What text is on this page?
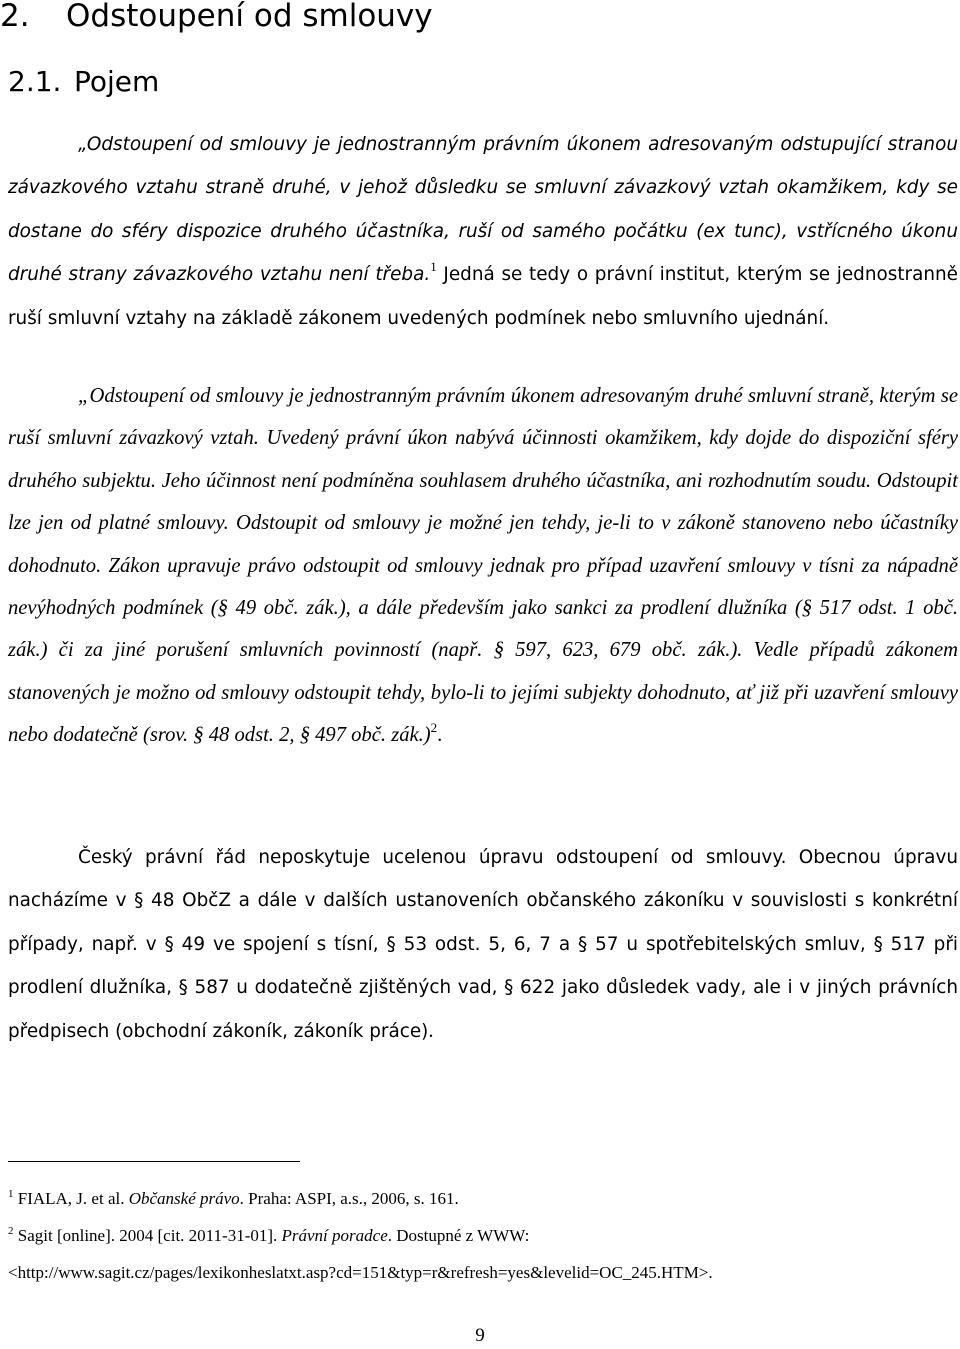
2. Odstoupení od smlouvy
2.1. Pojem

„Odstoupení od smlouvy je jednostranným právním úkonem adresovaným odstupující stranou závazkového vztahu straně druhé, v jehož důsledku se smluvní závazkový vztah okamžikem, kdy se dostane do sféry dispozice druhého účastníka, ruší od samého počátku (ex tunc), vstřícného úkonu druhé strany závazkového vztahu není třeba.$^1$ Jedná se tedy o právní institut, kterým se jednostranně ruší smluvní vztahy na základě zákonem uvedených podmínek nebo smluvního ujednání.

„Odstoupení od smlouvy je jednostranným právním úkonem adresovaným druhé smluvní straně, kterým se ruší smluvní závazkový vztah. Uvedený právní úkon nabývá účinnosti okamžikem, kdy dojde do dispoziční sféry druhého subjektu. Jeho účinnost není podmíněna souhlasem druhého účastníka, ani rozhodnutím soudu. Odstoupit lze jen od platné smlouvy. Odstoupit od smlouvy je možné jen tehdy, je-li to v zákoně stanoveno nebo účastníky dohodnuto. Zákon upravuje právo odstoupit od smlouvy jednak pro případ uzavření smlouvy v tísni za nápadně nevýhodných podmínek (§ 49 obč. zák.), a dále především jako sankci za prodlení dlužníka (§ 517 odst. 1 obč. zák.) či za jiné porušení smluvních povinností (např. § 597, 623, 679 obč. zák.). Vedle případů zákonem stanovených je možno od smlouvy odstoupit tehdy, bylo-li to jejími subjekty dohodnuto, ať již při uzavření smlouvy nebo dodatečně (srov. § 48 odst. 2, § 497 obč. zák.)$^2$.

Český právní řád neposkytuje ucelenou úpravu odstoupení od smlouvy. Obecnou úpravu nacházíme v § 48 ObčZ a dále v dalších ustanoveních občanského zákoníku v souvislosti s konkrétní případy, např. v § 49 ve spojení s tísní, § 53 odst. 5, 6, 7 a § 57 u spotřebitelských smluv, § 517 při prodlení dlužníka, § 587 u dodatečně zjištěných vad, § 622 jako důsledek vady, ale i v jiných právních předpisech (obchodní zákoník, zákoník práce).

$^1$ FIALA, J. et al. Občanské právo. Praha: ASPI, a.s., 2006, s. 161.

$^2$ Sagit [online]. 2004 [cit. 2011-31-01]. Právní poradce. Dostupné z WWW:

<http://www.sagit.cz/pages/lexikonheslatxt.asp?cd=151&typ=r&refresh=yes&levelid=OC_245.HTM>.

9
